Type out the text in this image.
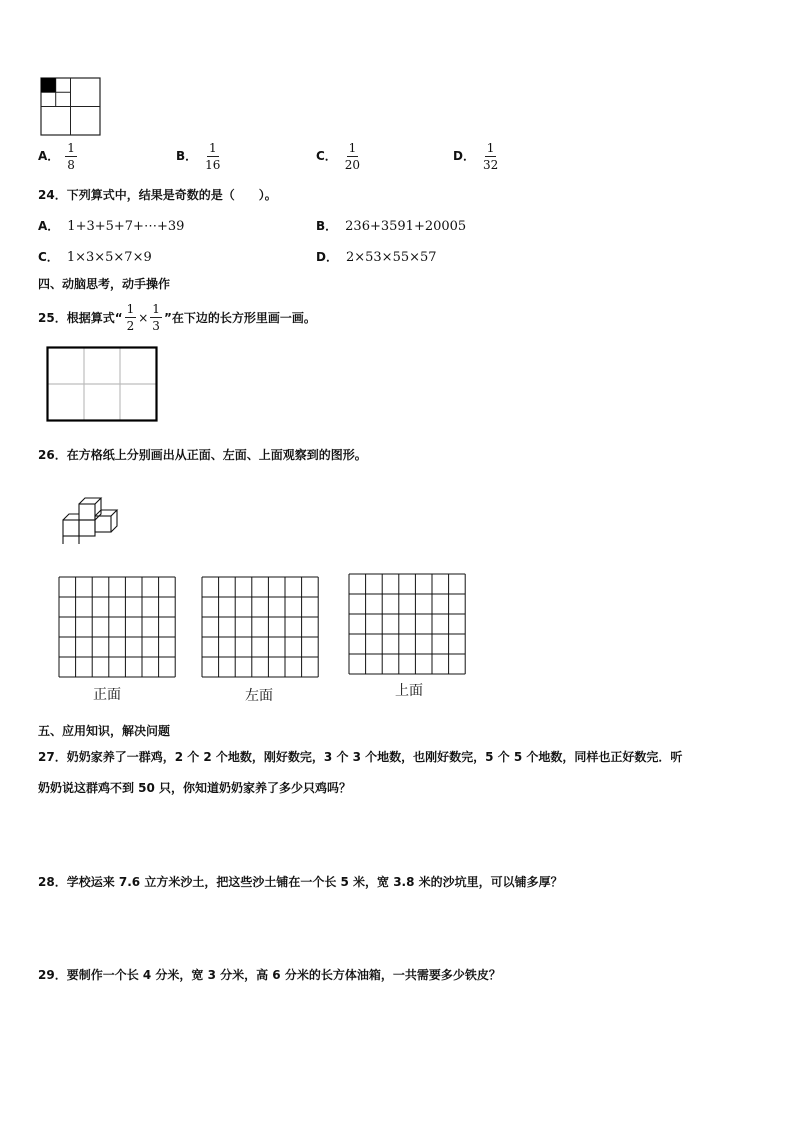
A． $\frac{1}{8}$	B． $\frac{1}{16}$	C． $\frac{1}{20}$	D． $\frac{1}{32}$
24．下列算式中，结果是奇数的是（　　）。
A． 1+3+5+7+⋯+39	B． 236+3591+20005
C． 1×3×5×7×9	D． 2×53×55×57
四、动脑思考，动手操作
25．根据算式“ $\frac{1}{2} \times \frac{1}{3}$ ”在下边的长方形里画一画。
26．在方格纸上分别画出从正面、左面、上面观察到的图形。
正面	左面	上面
五、应用知识，解决问题
27．奶奶家养了一群鸡，2 个 2 个地数，刚好数完，3 个 3 个地数，也刚好数完，5 个 5 个地数，同样也正好数完．听
奶奶说这群鸡不到 50 只，你知道奶奶家养了多少只鸡吗？
28．学校运来 7.6 立方米沙土，把这些沙土铺在一个长 5 米，宽 3.8 米的沙坑里，可以铺多厚？
29．要制作一个长 4 分米，宽 3 分米，高 6 分米的长方体油箱，一共需要多少铁皮？
